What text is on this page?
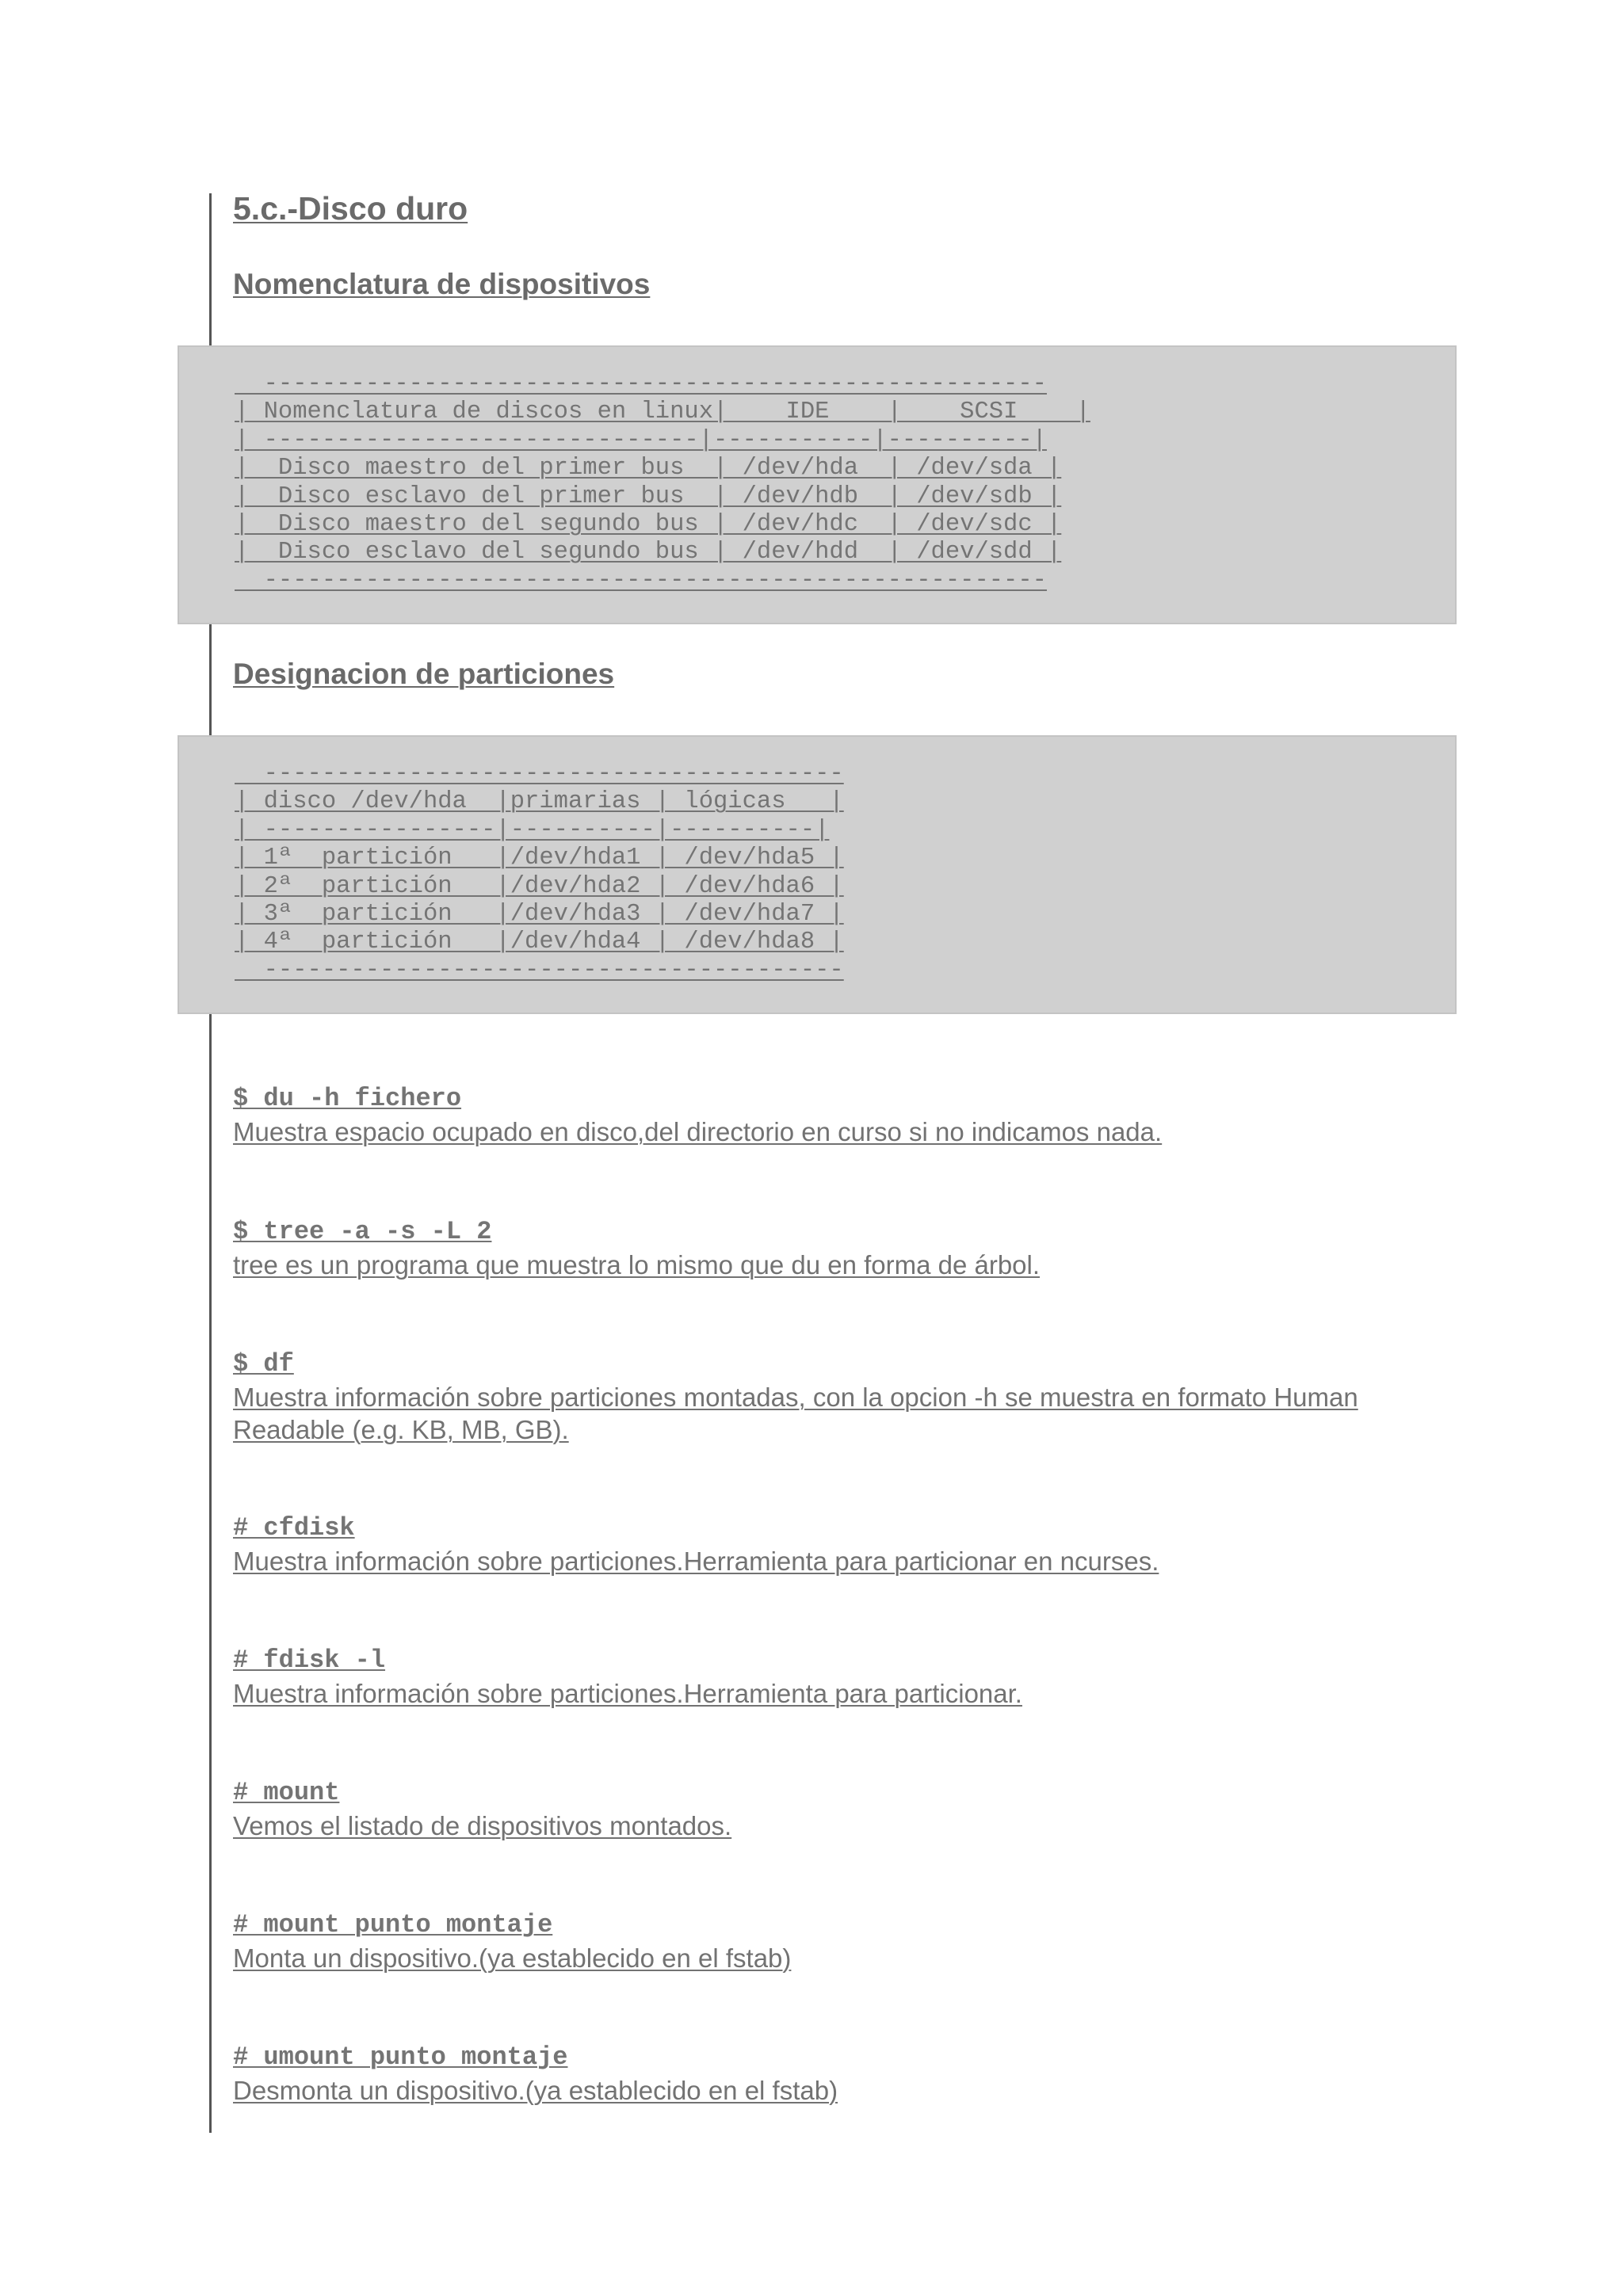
5.c.-Disco duro
Nomenclatura de dispositivos
------------------------------------------------------
| Nomenclatura de discos en linux|    IDE    |    SCSI    |
| ------------------------------|-----------|----------|
|  Disco maestro del primer bus  | /dev/hda  | /dev/sda |
|  Disco esclavo del primer bus  | /dev/hdb  | /dev/sdb |
|  Disco maestro del segundo bus | /dev/hdc  | /dev/sdc |
|  Disco esclavo del segundo bus | /dev/hdd  | /dev/sdd |
------------------------------------------------------
Designacion de particiones
----------------------------------------
| disco /dev/hda  |primarias | lógicas   |
| ----------------|----------|----------|
| 1ª  partición   |/dev/hda1 | /dev/hda5 |
| 2ª  partición   |/dev/hda2 | /dev/hda6 |
| 3ª  partición   |/dev/hda3 | /dev/hda7 |
| 4ª  partición   |/dev/hda4 | /dev/hda8 |
----------------------------------------

$ du -h fichero

Muestra espacio ocupado en disco,del directorio en curso si no indicamos nada.

$ tree -a -s -L 2

tree es un programa que muestra lo mismo que du en forma de árbol.

$ df

Muestra información sobre particiones montadas, con la opcion -h se muestra en formato Human Readable (e.g. KB, MB, GB).

# cfdisk

Muestra información sobre particiones.Herramienta para particionar en ncurses.

# fdisk -l

Muestra información sobre particiones.Herramienta para particionar.

# mount

Vemos el listado de dispositivos montados.

# mount punto montaje

Monta un dispositivo.(ya establecido en el fstab)

# umount punto montaje

Desmonta un dispositivo.(ya establecido en el fstab)
